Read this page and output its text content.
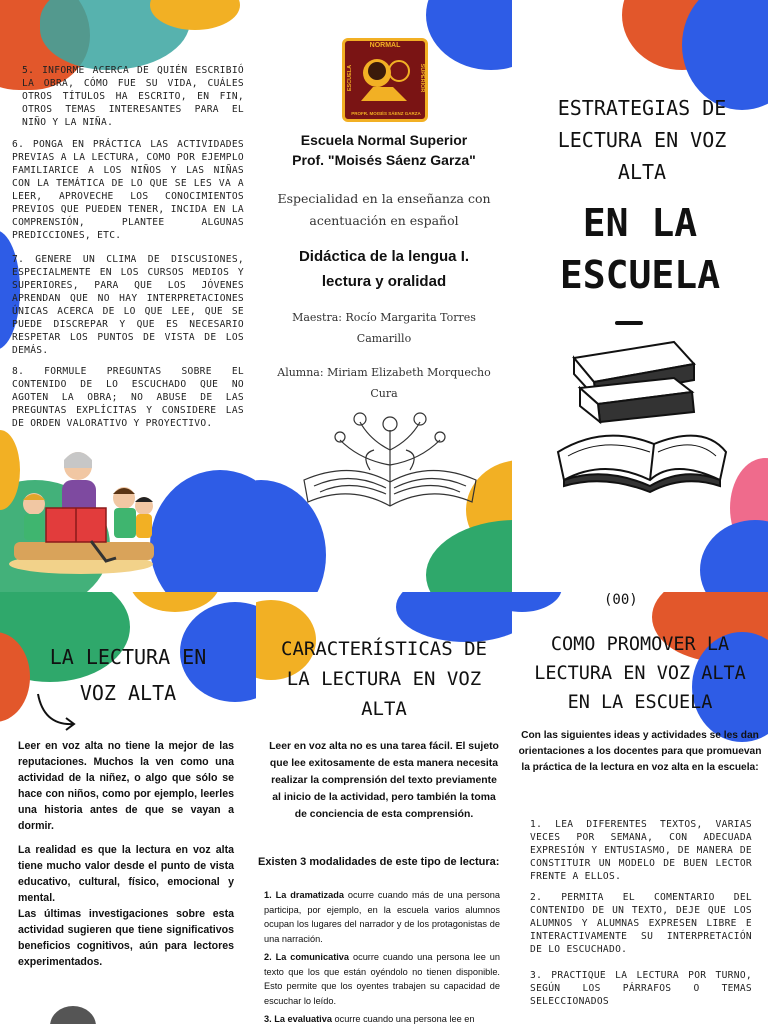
5. INFORME ACERCA DE QUIÉN ESCRIBIÓ LA OBRA, CÓMO FUE SU VIDA, CUÁLES OTROS TÍTULOS HA ESCRITO, EN FIN, OTROS TEMAS INTERESANTES PARA EL NIÑO Y LA NIÑA.
6. PONGA EN PRÁCTICA LAS ACTIVIDADES PREVIAS A LA LECTURA, COMO POR EJEMPLO FAMILIARICE A LOS NIÑOS Y LAS NIÑAS CON LA TEMÁTICA DE LO QUE SE LES VA A LEER, APROVECHE LOS CONOCIMIENTOS PREVIOS QUE PUEDEN TENER, INCIDA EN LA COMPRENSIÓN, PLANTEE ALGUNAS PREDICCIONES, ETC.
7. GENERE UN CLIMA DE DISCUSIONES, ESPECIALMENTE EN LOS CURSOS MEDIOS Y SUPERIORES, PARA QUE LOS JÓVENES APRENDAN QUE NO HAY INTERPRETACIONES ÚNICAS ACERCA DE LO QUE LEE, QUE SE PUEDE DISCREPAR Y QUE ES NECESARIO RESPETAR LOS PUNTOS DE VISTA DE LOS DEMÁS.
8. FORMULE PREGUNTAS SOBRE EL CONTENIDO DE LO ESCUCHADO QUE NO AGOTEN LA OBRA; NO ABUSE DE LAS PREGUNTAS EXPLÍCITAS Y CONSIDERE LAS DE ORDEN VALORATIVO Y PROYECTIVO.
NORMAL
ESCUELA	SUPERIOR
PROFR. MOISÉS SÁENZ GARZA
Escuela Normal Superior
Prof. "Moisés Sáenz Garza"
Especialidad en la enseñanza con acentuación en español
Didáctica de la lengua I.
lectura y oralidad
Maestra: Rocío Margarita Torres Camarillo
Alumna: Miriam Elizabeth Morquecho Cura
ESTRATEGIAS DE LECTURA EN VOZ ALTA
EN LA
ESCUELA
LA LECTURA EN
VOZ ALTA
Leer en voz alta no tiene la mejor de las reputaciones. Muchos la ven como una actividad de la niñez, o algo que sólo se hace con niños, como por ejemplo, leerles una historia antes de que se vayan a dormir.
La realidad es que la lectura en voz alta tiene mucho valor desde el punto de vista educativo, cultural, físico, emocional y mental.
Las últimas investigaciones sobre esta actividad sugieren que tiene significativos beneficios cognitivos, aún para lectores experimentados.
CARACTERÍSTICAS DE LA LECTURA EN VOZ ALTA
Leer en voz alta no es una tarea fácil. El sujeto que lee exitosamente de esta manera necesita realizar la comprensión del texto previamente al inicio de la actividad, pero también la toma de conciencia de esta comprensión.
Existen 3 modalidades de este tipo de lectura:

1. La dramatizada ocurre cuando más de una persona participa, por ejemplo, en la escuela varios alumnos ocupan los lugares del narrador y de los protagonistas de una narración.

2. La comunicativa ocurre cuando una persona lee un texto que los que están oyéndolo no tienen disponible. Esto permite que los oyentes trabajen su capacidad de escuchar lo leído.

3. La evaluativa ocurre cuando una persona lee en

(00)
COMO PROMOVER LA LECTURA EN VOZ ALTA EN LA ESCUELA
Con las siguientes ideas y actividades se les dan orientaciones a los docentes para que promuevan la práctica de la lectura en voz alta en la escuela:
1. LEA DIFERENTES TEXTOS, VARIAS VECES POR SEMANA, CON ADECUADA EXPRESIÓN Y ENTUSIASMO, DE MANERA DE CONSTITUIR UN MODELO DE BUEN LECTOR FRENTE A ELLOS.
2. PERMITA EL COMENTARIO DEL CONTENIDO DE UN TEXTO, DEJE QUE LOS ALUMNOS Y ALUMNAS EXPRESEN LIBRE E INTERACTIVAMENTE SU INTERPRETACIÓN DE LO ESCUCHADO.
3. PRACTIQUE LA LECTURA POR TURNO, SEGÚN LOS PÁRRAFOS O TEMAS SELECCIONADOS
